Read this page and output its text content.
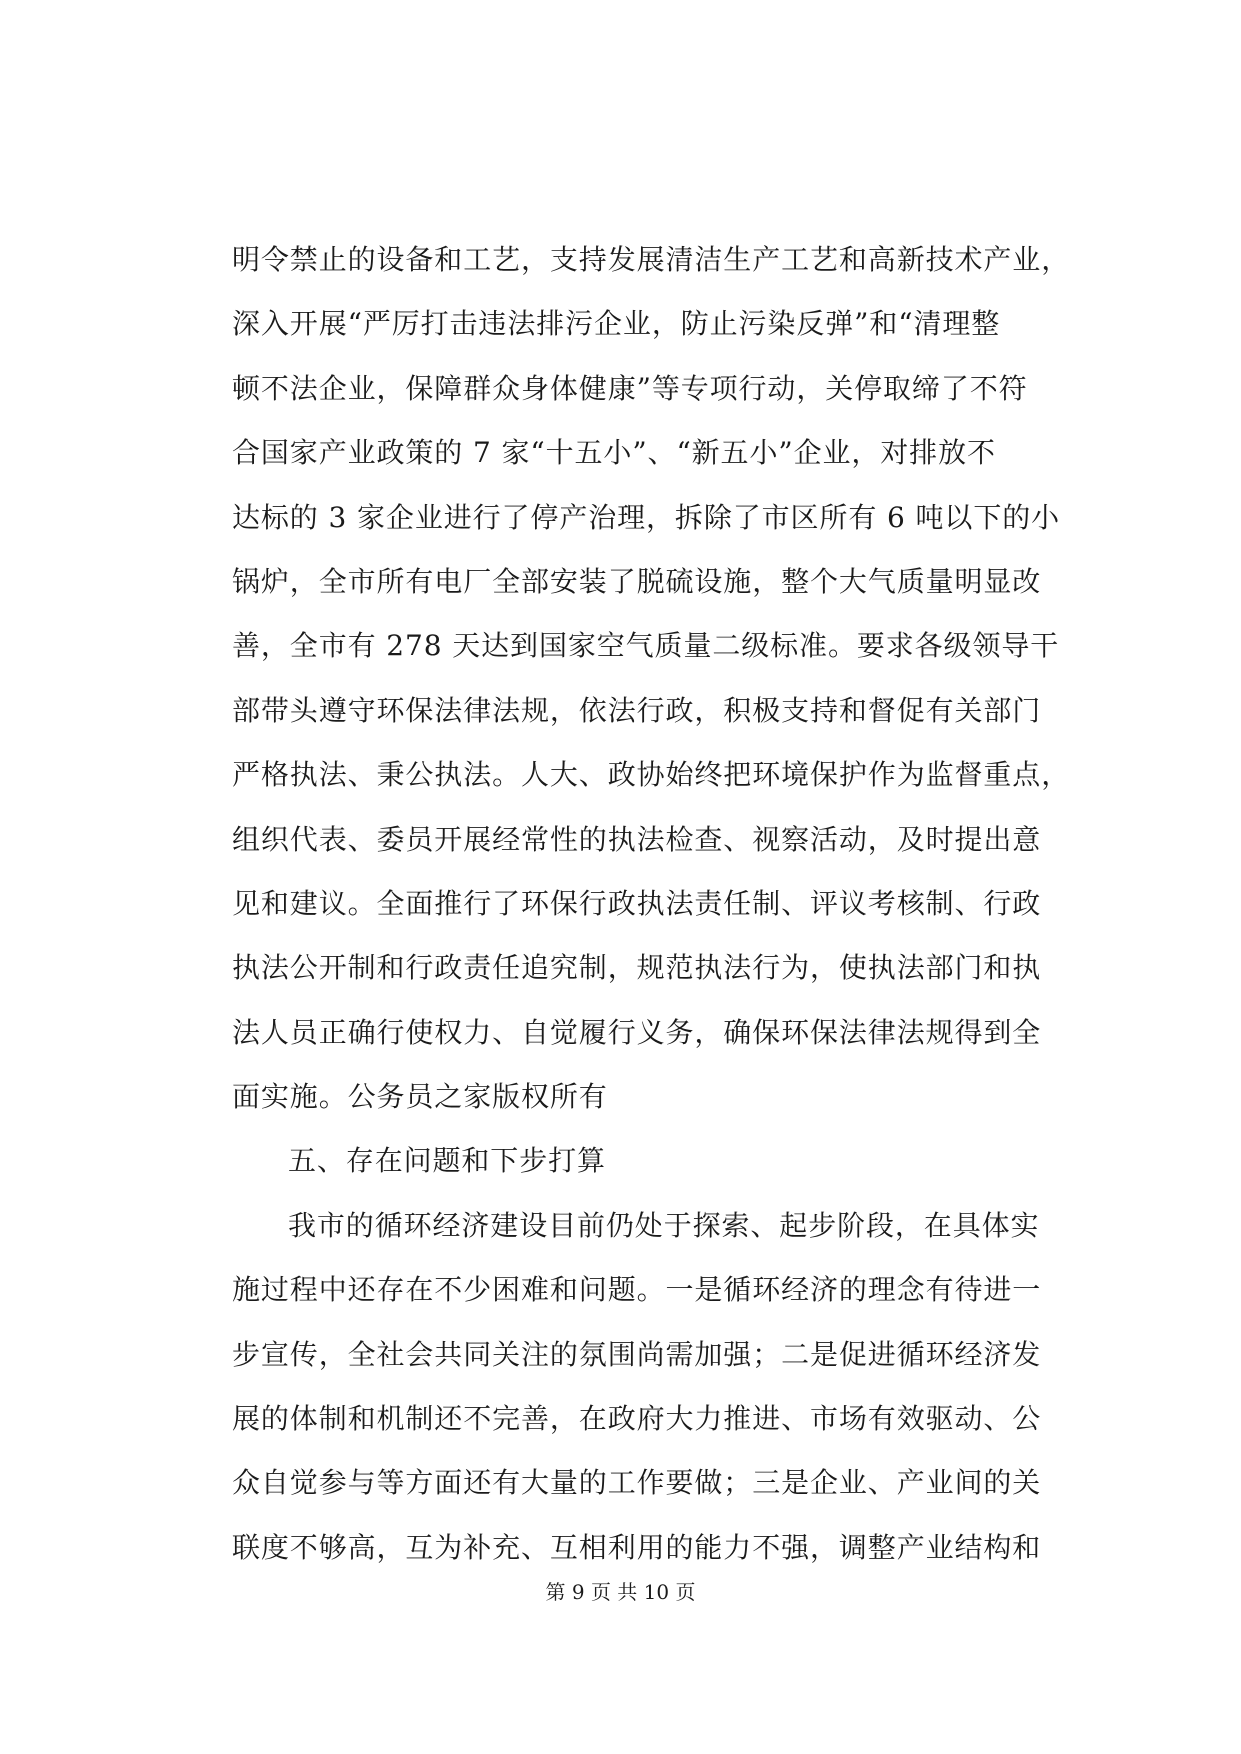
明令禁止的设备和工艺，支持发展清洁生产工艺和高新技术产业，
深入开展“严厉打击违法排污企业，防止污染反弹”和“清理整
顿不法企业，保障群众身体健康”等专项行动，关停取缔了不符
合国家产业政策的 7 家“十五小”、“新五小”企业，对排放不
达标的 3 家企业进行了停产治理，拆除了市区所有 6 吨以下的小
锅炉，全市所有电厂全部安装了脱硫设施，整个大气质量明显改
善，全市有 278 天达到国家空气质量二级标准。要求各级领导干
部带头遵守环保法律法规，依法行政，积极支持和督促有关部门
严格执法、秉公执法。人大、政协始终把环境保护作为监督重点，
组织代表、委员开展经常性的执法检查、视察活动，及时提出意
见和建议。全面推行了环保行政执法责任制、评议考核制、行政
执法公开制和行政责任追究制，规范执法行为，使执法部门和执
法人员正确行使权力、自觉履行义务，确保环保法律法规得到全
面实施。公务员之家版权所有
五、存在问题和下步打算
我市的循环经济建设目前仍处于探索、起步阶段，在具体实
施过程中还存在不少困难和问题。一是循环经济的理念有待进一
步宣传，全社会共同关注的氛围尚需加强；二是促进循环经济发
展的体制和机制还不完善，在政府大力推进、市场有效驱动、公
众自觉参与等方面还有大量的工作要做；三是企业、产业间的关
联度不够高，互为补充、互相利用的能力不强，调整产业结构和
第 9 页 共 10 页
